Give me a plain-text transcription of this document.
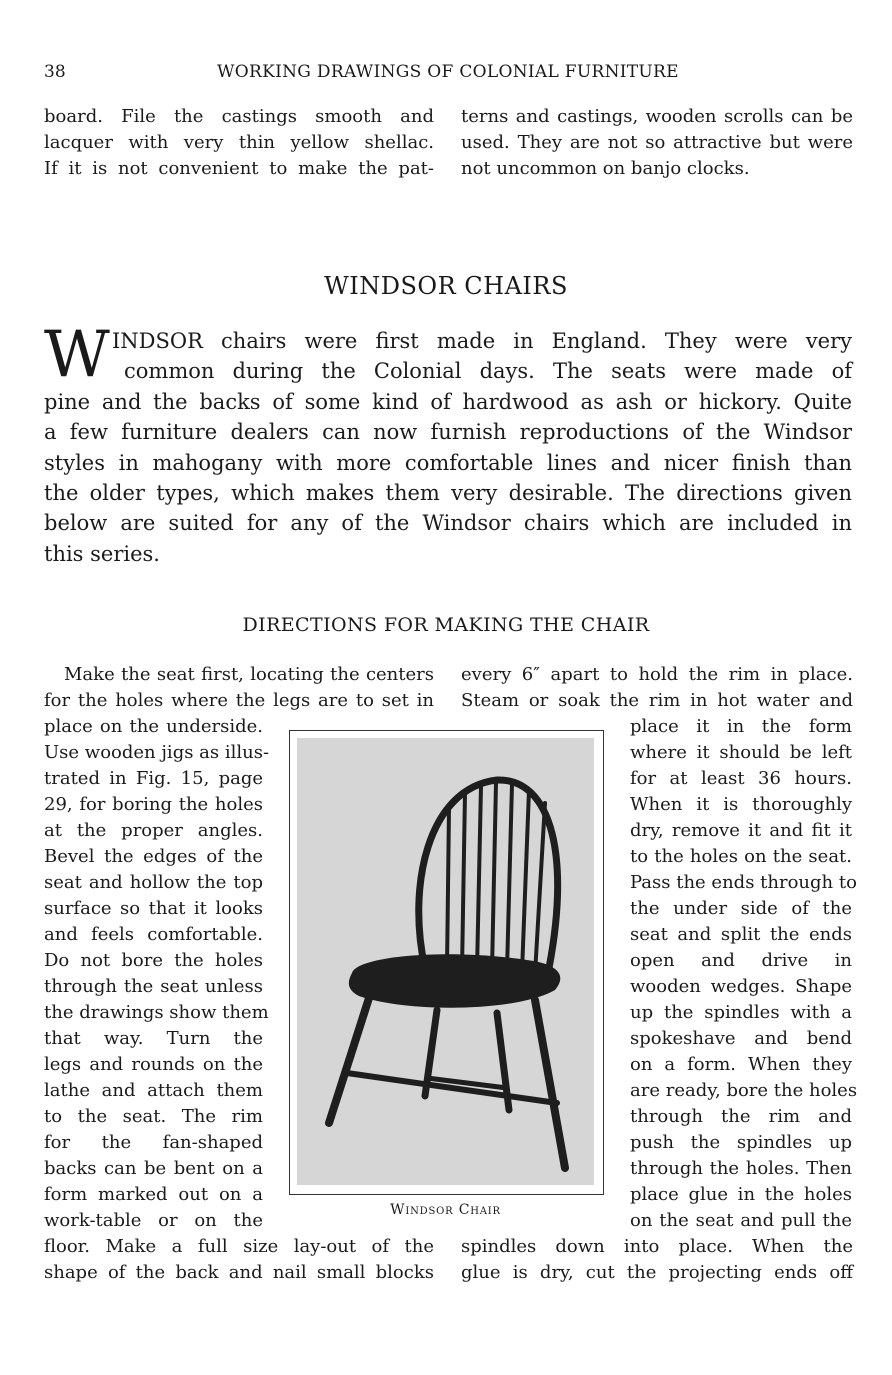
38	WORKING DRAWINGS OF COLONIAL FURNITURE
board. File the castings smooth and
lacquer with very thin yellow shellac.
If it is not convenient to make the pat-
terns and castings, wooden scrolls can be
used. They are not so attractive but were
not uncommon on banjo clocks.
WINDSOR CHAIRS
W INDSOR chairs were first made in England. They were very
common during the Colonial days. The seats were made of
pine and the backs of some kind of hardwood as ash or hickory. Quite
a few furniture dealers can now furnish reproductions of the Windsor
styles in mahogany with more comfortable lines and nicer finish than
the older types, which makes them very desirable. The directions given
below are suited for any of the Windsor chairs which are included in
this series.
DIRECTIONS FOR MAKING THE CHAIR
Make the seat first, locating the centers
for the holes where the legs are to set in
place on the underside.
Use wooden jigs as illus-
trated in Fig. 15, page
29, for boring the holes
at the proper angles.
Bevel the edges of the
seat and hollow the top
surface so that it looks
and feels comfortable.
Do not bore the holes
through the seat unless
the drawings show them
that way. Turn the
legs and rounds on the
lathe and attach them
to the seat. The rim
for the fan-shaped
backs can be bent on a
form marked out on a
work-table or on the
floor. Make a full size lay-out of the
shape of the back and nail small blocks
every 6″ apart to hold the rim in place.
Steam or soak the rim in hot water and
place it in the form
where it should be left
for at least 36 hours.
When it is thoroughly
dry, remove it and fit it
to the holes on the seat.
Pass the ends through to
the under side of the
seat and split the ends
open and drive in
wooden wedges. Shape
up the spindles with a
spokeshave and bend
on a form. When they
are ready, bore the holes
through the rim and
push the spindles up
through the holes. Then
place glue in the holes
on the seat and pull the
spindles down into place. When the
glue is dry, cut the projecting ends off
Windsor Chair
